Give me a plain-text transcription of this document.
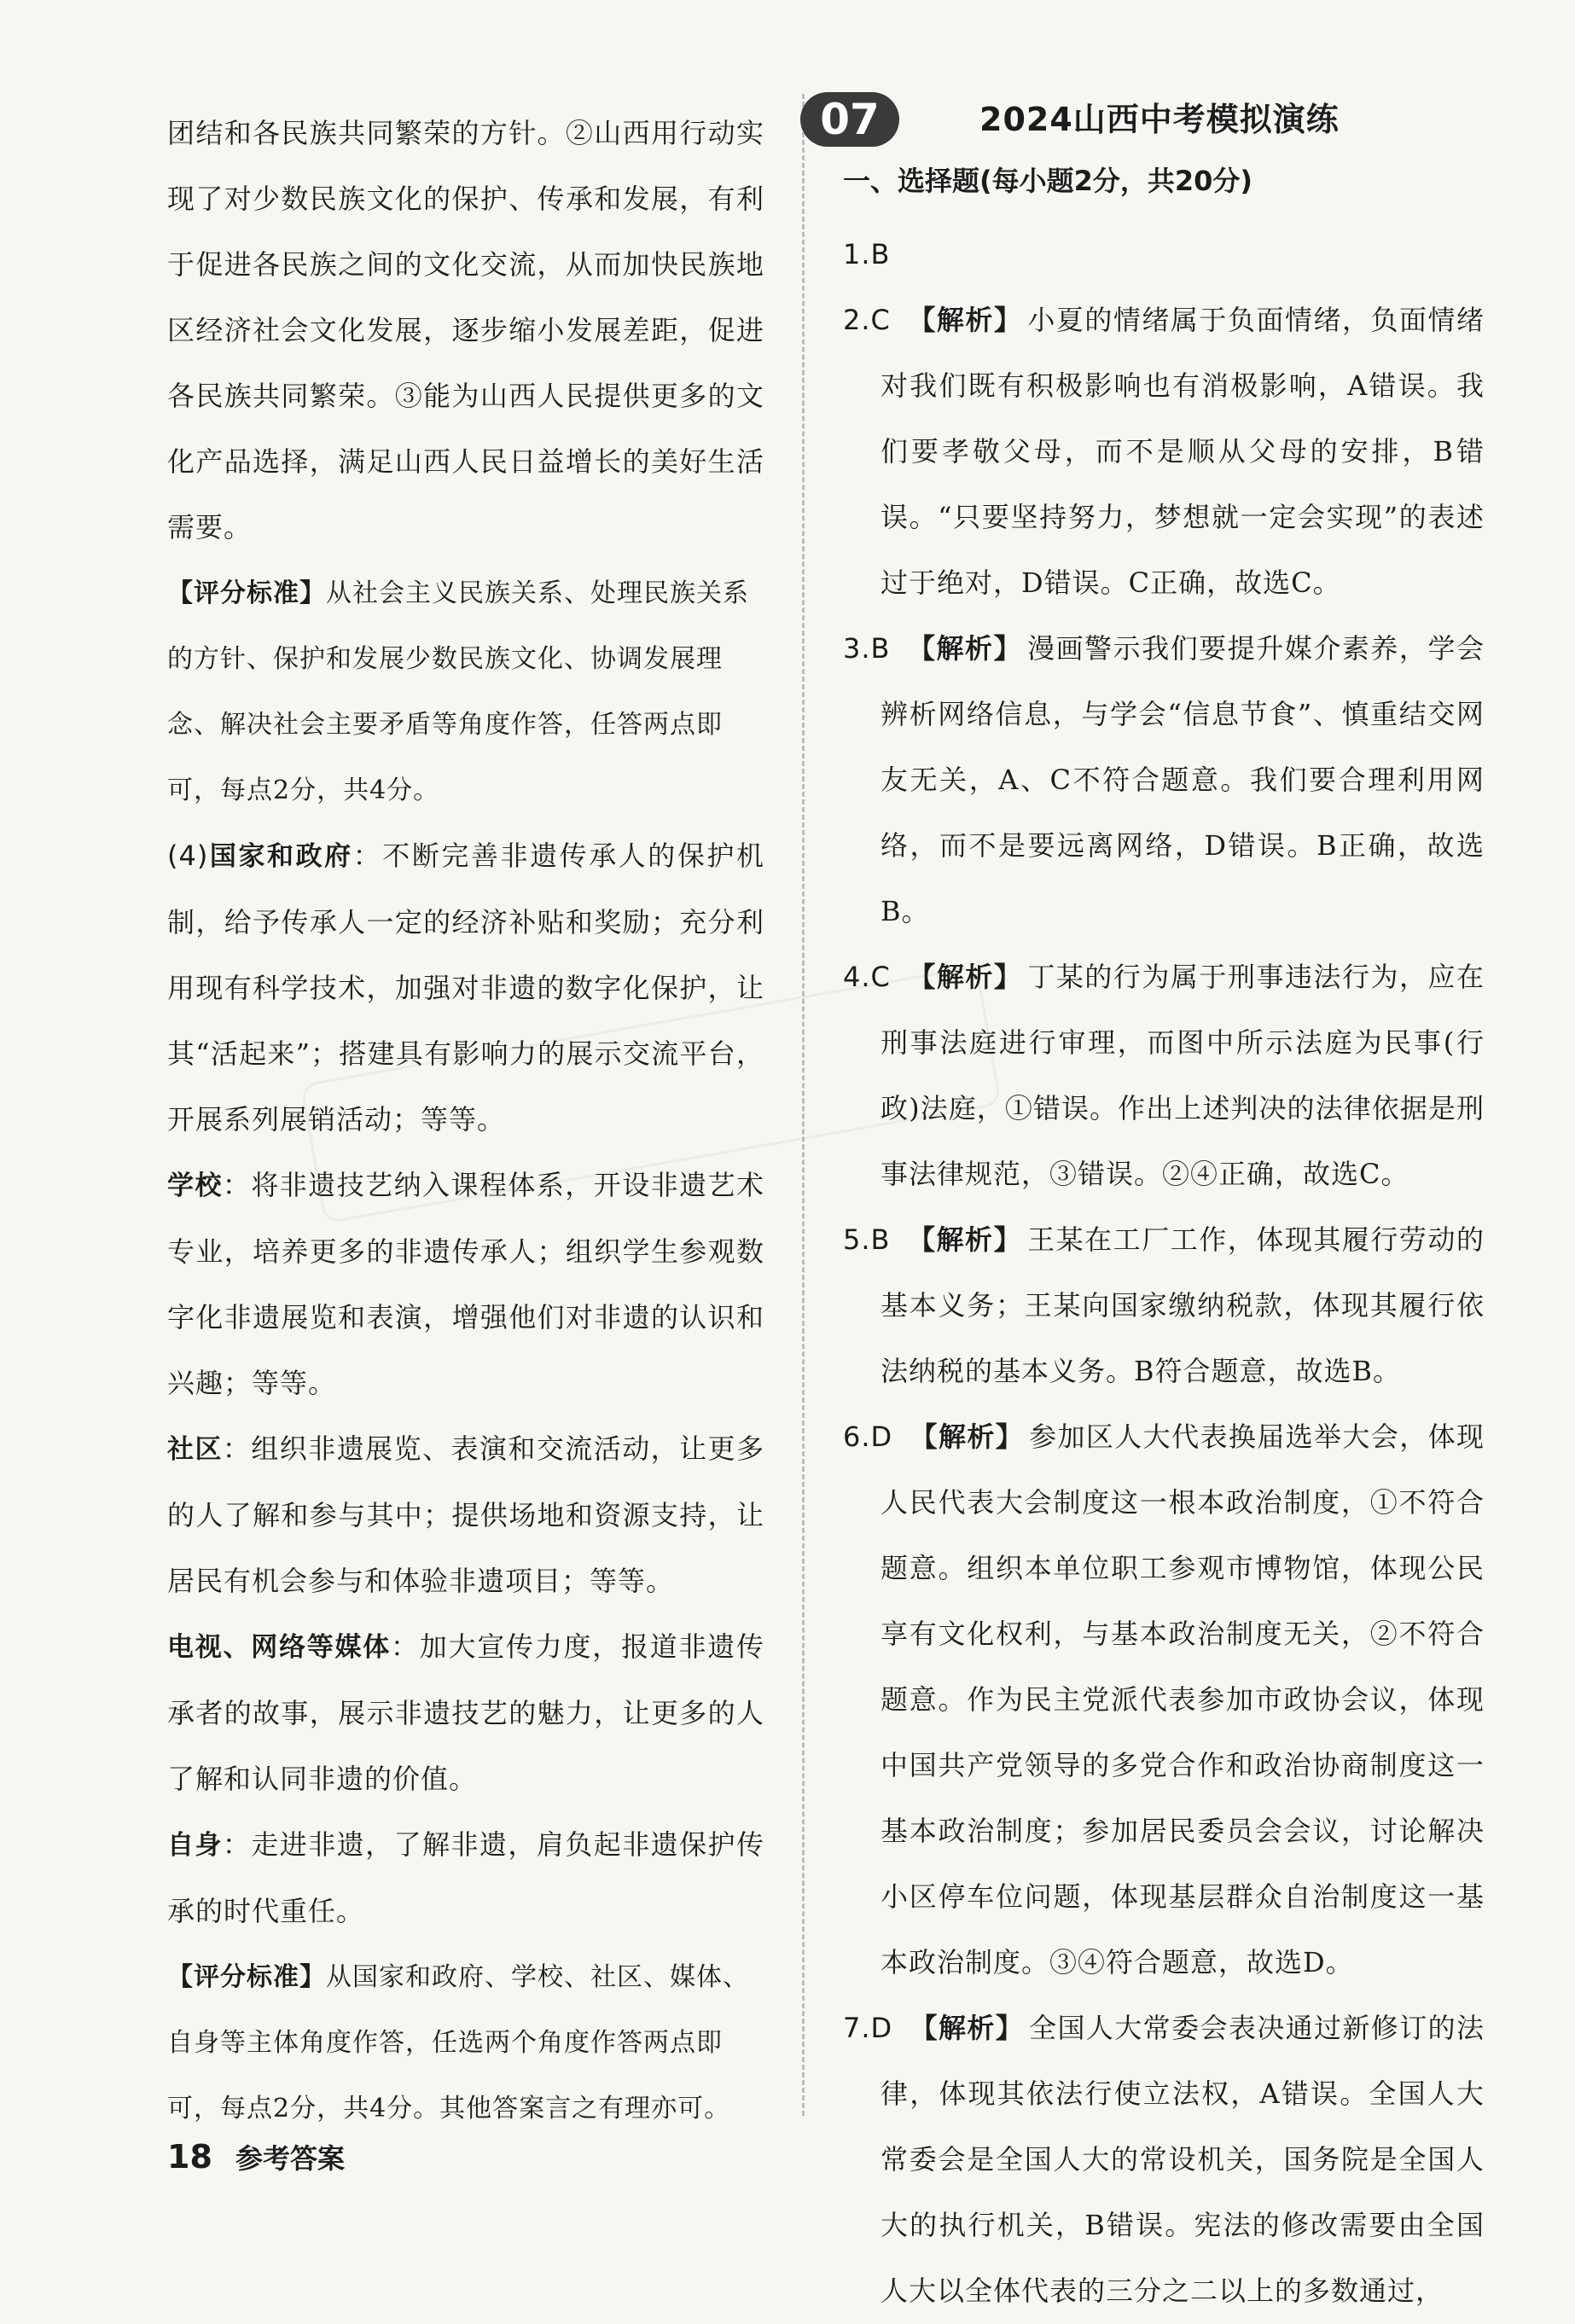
团结和各民族共同繁荣的方针。②山西用行动实现了对少数民族文化的保护、传承和发展，有利于促进各民族之间的文化交流，从而加快民族地区经济社会文化发展，逐步缩小发展差距，促进各民族共同繁荣。③能为山西人民提供更多的文化产品选择，满足山西人民日益增长的美好生活需要。

【评分标准】从社会主义民族关系、处理民族关系的方针、保护和发展少数民族文化、协调发展理念、解决社会主要矛盾等角度作答，任答两点即可，每点2分，共4分。

(4)国家和政府：不断完善非遗传承人的保护机制，给予传承人一定的经济补贴和奖励；充分利用现有科学技术，加强对非遗的数字化保护，让其“活起来”；搭建具有影响力的展示交流平台，开展系列展销活动；等等。

学校：将非遗技艺纳入课程体系，开设非遗艺术专业，培养更多的非遗传承人；组织学生参观数字化非遗展览和表演，增强他们对非遗的认识和兴趣；等等。

社区：组织非遗展览、表演和交流活动，让更多的人了解和参与其中；提供场地和资源支持，让居民有机会参与和体验非遗项目；等等。

电视、网络等媒体：加大宣传力度，报道非遗传承者的故事，展示非遗技艺的魅力，让更多的人了解和认同非遗的价值。

自身：走进非遗，了解非遗，肩负起非遗保护传承的时代重任。

【评分标准】从国家和政府、学校、社区、媒体、自身等主体角度作答，任选两个角度作答两点即可，每点2分，共4分。其他答案言之有理亦可。

07	2024山西中考模拟演练
一、选择题(每小题2分，共20分)

1.B

2.C 【解析】 小夏的情绪属于负面情绪，负面情绪对我们既有积极影响也有消极影响，A错误。我们要孝敬父母，而不是顺从父母的安排，B错误。“只要坚持努力，梦想就一定会实现”的表述过于绝对，D错误。C正确，故选C。

3.B 【解析】 漫画警示我们要提升媒介素养，学会辨析网络信息，与学会“信息节食”、慎重结交网友无关，A、C不符合题意。我们要合理利用网络，而不是要远离网络，D错误。B正确，故选B。

4.C 【解析】 丁某的行为属于刑事违法行为，应在刑事法庭进行审理，而图中所示法庭为民事(行政)法庭，①错误。作出上述判决的法律依据是刑事法律规范，③错误。②④正确，故选C。

5.B 【解析】 王某在工厂工作，体现其履行劳动的基本义务；王某向国家缴纳税款，体现其履行依法纳税的基本义务。B符合题意，故选B。

6.D 【解析】 参加区人大代表换届选举大会，体现人民代表大会制度这一根本政治制度，①不符合题意。组织本单位职工参观市博物馆，体现公民享有文化权利，与基本政治制度无关，②不符合题意。作为民主党派代表参加市政协会议，体现中国共产党领导的多党合作和政治协商制度这一基本政治制度；参加居民委员会会议，讨论解决小区停车位问题，体现基层群众自治制度这一基本政治制度。③④符合题意，故选D。

7.D 【解析】 全国人大常委会表决通过新修订的法律，体现其依法行使立法权，A错误。全国人大常委会是全国人大的常设机关，国务院是全国人大的执行机关，B错误。宪法的修改需要由全国人大以全体代表的三分之二以上的多数通过，

18 参考答案
